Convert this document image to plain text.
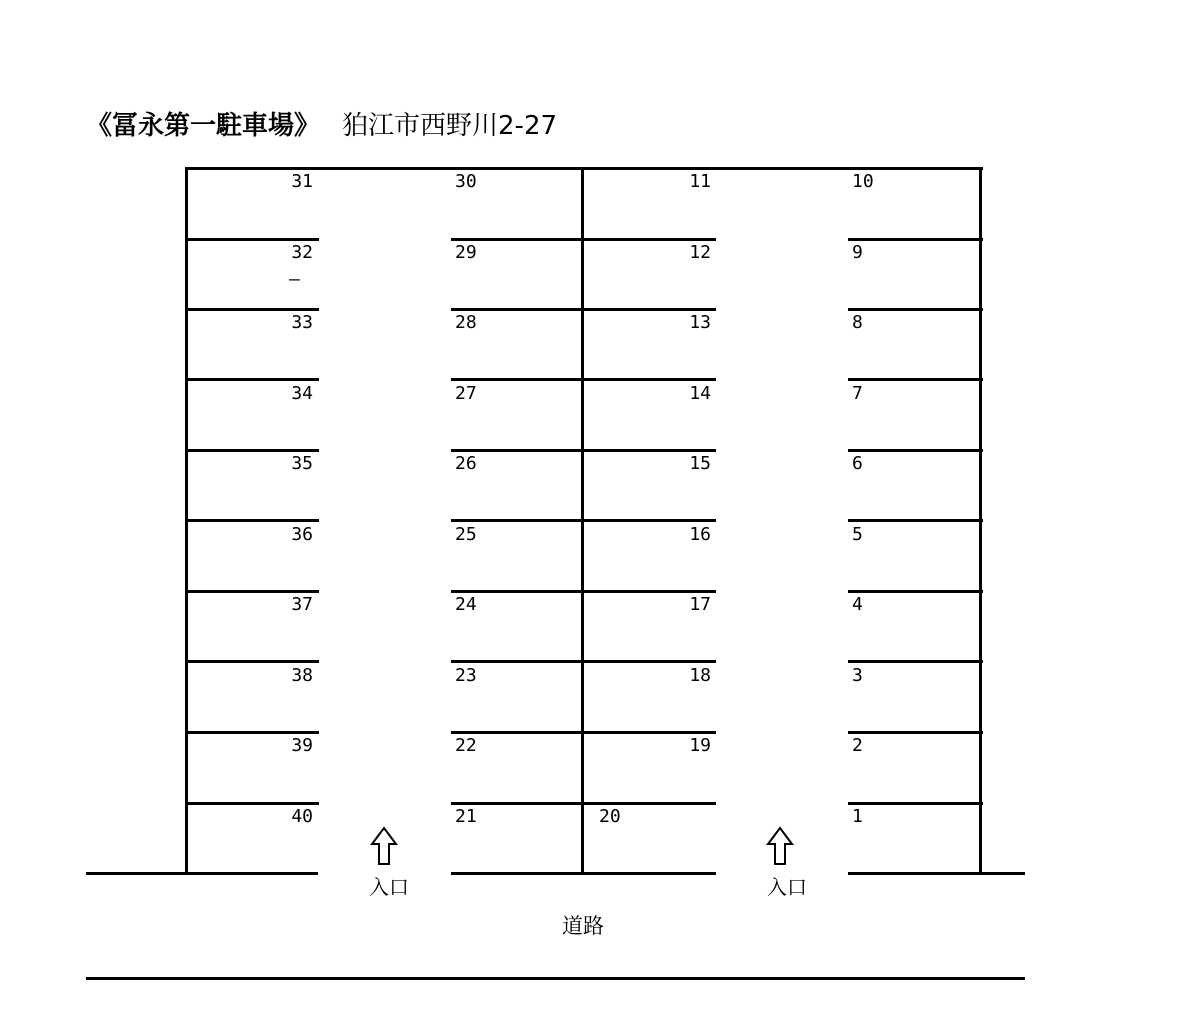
《冨永第一駐車場》 狛江市西野川2-27
31
32
33
34
35
36
37
38
39
40
–
30
29
28
27
26
25
24
23
22
21
11
12
13
14
15
16
17
18
19
20
10
9
8
7
6
5
4
3
2
1
入口	入口
道路
